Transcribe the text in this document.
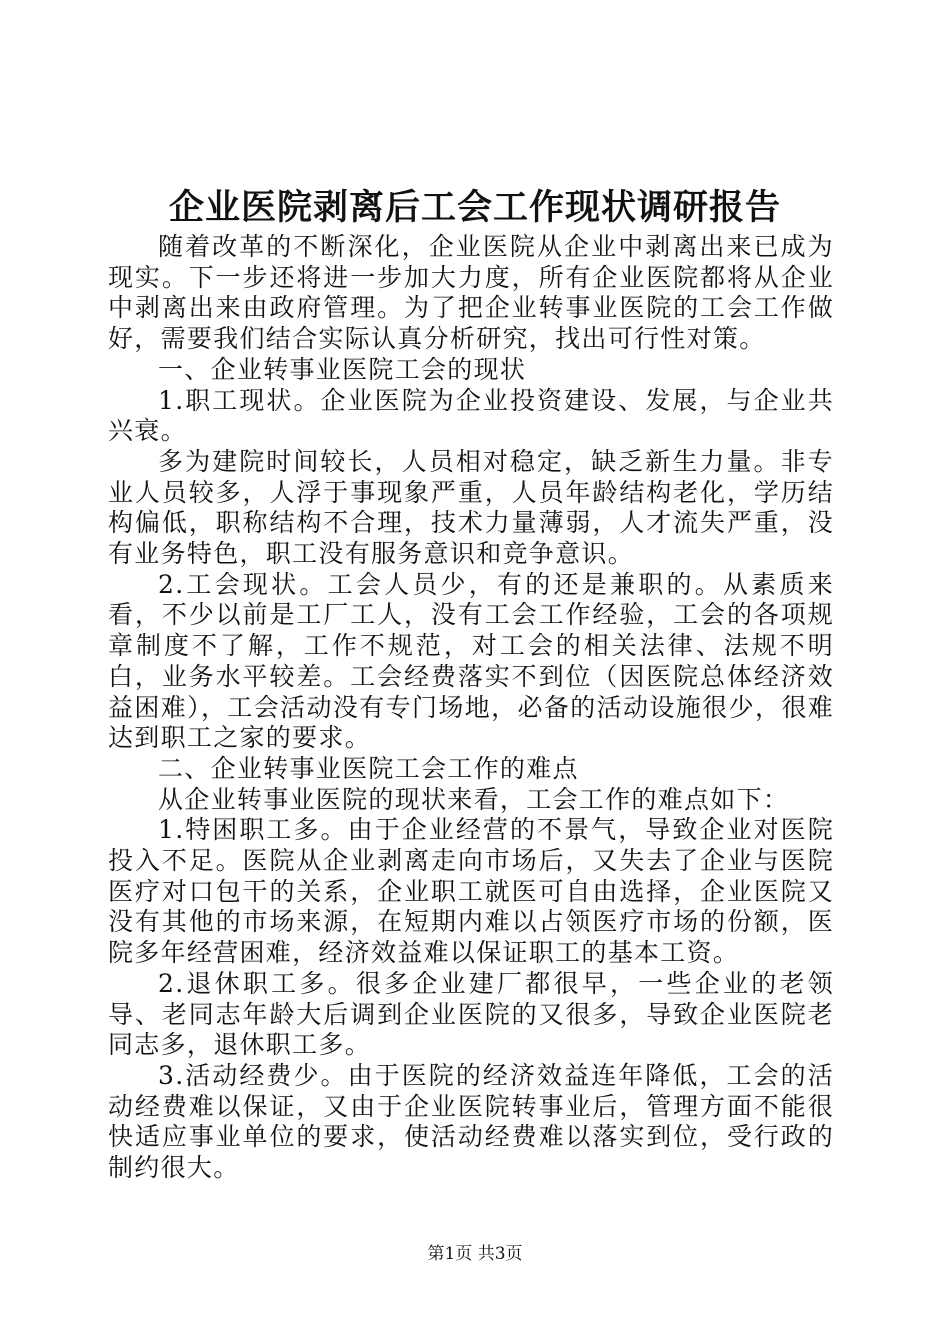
企业医院剥离后工会工作现状调研报告

随着改革的不断深化，企业医院从企业中剥离出来已成为现实。下一步还将进一步加大力度，所有企业医院都将从企业中剥离出来由政府管理。为了把企业转事业医院的工会工作做好，需要我们结合实际认真分析研究，找出可行性对策。

一、企业转事业医院工会的现状

1.职工现状。企业医院为企业投资建设、发展，与企业共兴衰。

多为建院时间较长，人员相对稳定，缺乏新生力量。非专业人员较多，人浮于事现象严重，人员年龄结构老化，学历结构偏低，职称结构不合理，技术力量薄弱，人才流失严重，没有业务特色，职工没有服务意识和竞争意识。

2.工会现状。工会人员少，有的还是兼职的。从素质来看，不少以前是工厂工人，没有工会工作经验，工会的各项规章制度不了解，工作不规范，对工会的相关法律、法规不明白，业务水平较差。工会经费落实不到位（因医院总体经济效益困难），工会活动没有专门场地，必备的活动设施很少，很难达到职工之家的要求。

二、企业转事业医院工会工作的难点

从企业转事业医院的现状来看，工会工作的难点如下：

1.特困职工多。由于企业经营的不景气，导致企业对医院投入不足。医院从企业剥离走向市场后，又失去了企业与医院医疗对口包干的关系，企业职工就医可自由选择，企业医院又没有其他的市场来源，在短期内难以占领医疗市场的份额，医院多年经营困难，经济效益难以保证职工的基本工资。

2.退休职工多。很多企业建厂都很早，一些企业的老领导、老同志年龄大后调到企业医院的又很多，导致企业医院老同志多，退休职工多。

3.活动经费少。由于医院的经济效益连年降低，工会的活动经费难以保证，又由于企业医院转事业后，管理方面不能很快适应事业单位的要求，使活动经费难以落实到位，受行政的制约很大。

第1页 共3页
